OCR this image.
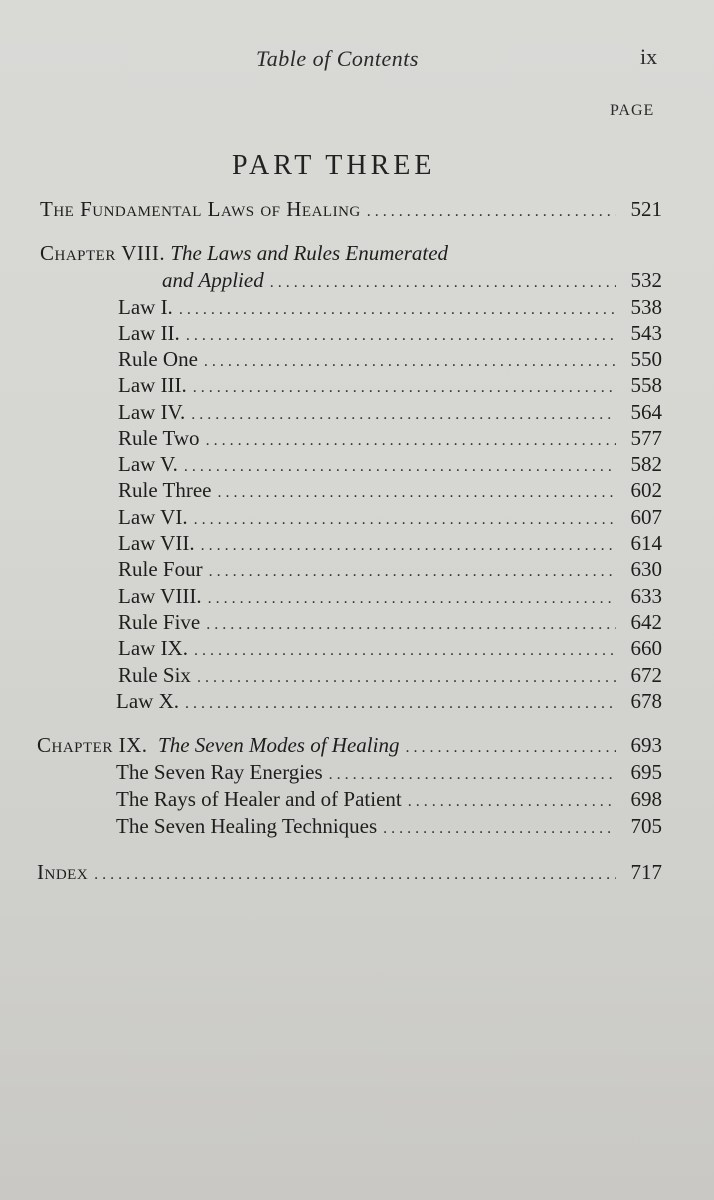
Table of Contents	ix
PAGE
PART THREE
The Fundamental Laws of Healing . . .	521
Chapter VIII. The Laws and Rules Enumerated
and Applied . . .	532
Law I. . . .	538
Law II. . . .	543
Rule One . . .	550
Law III. . . .	558
Law IV. . . .	564
Rule Two . . .	577
Law V. . . .	582
Rule Three . . .	602
Law VI. . . .	607
Law VII. . . .	614
Rule Four . . .	630
Law VIII. . . .	633
Rule Five . . .	642
Law IX. . . .	660
Rule Six . . .	672
Law X. . . .	678
Chapter IX. The Seven Modes of Healing . . .	693
The Seven Ray Energies . . .	695
The Rays of Healer and of Patient . . .	698
The Seven Healing Techniques . . .	705
Index . . .	717
